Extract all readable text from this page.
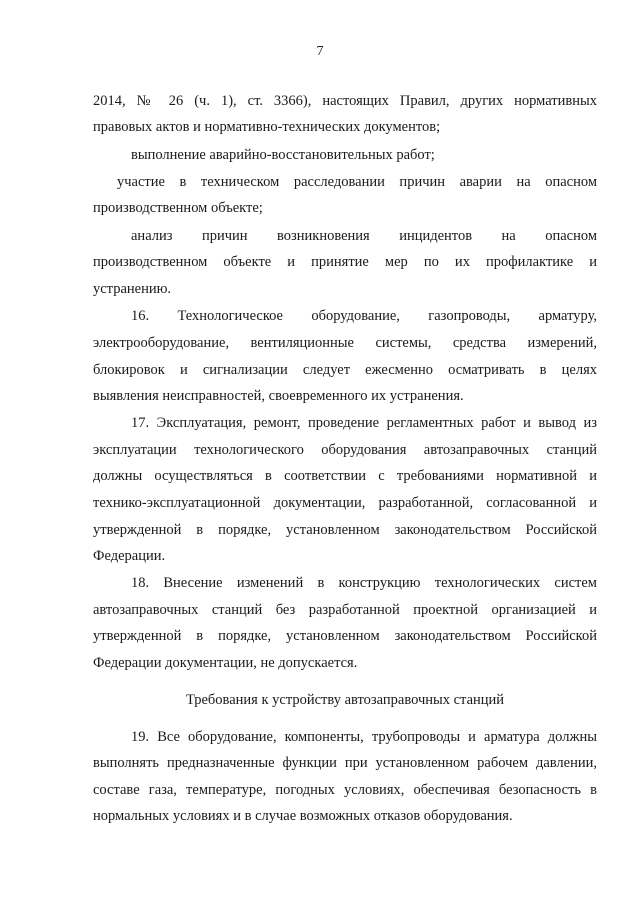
7

2014, № 26 (ч. 1), ст. 3366), настоящих Правил, других нормативных

правовых актов и нормативно-технических документов;

выполнение аварийно-восстановительных работ;

участие в техническом расследовании причин аварии на опасном

производственном объекте;

анализ причин возникновения инцидентов на опасном

производственном объекте и принятие мер по их профилактике и

устранению.

16. Технологическое оборудование, газопроводы, арматуру,

электрооборудование, вентиляционные системы, средства измерений,

блокировок и сигнализации следует ежесменно осматривать в целях

выявления неисправностей, своевременного их устранения.

17. Эксплуатация, ремонт, проведение регламентных работ и вывод из

эксплуатации технологического оборудования автозаправочных станций

должны осуществляться в соответствии с требованиями нормативной и

технико-эксплуатационной документации, разработанной, согласованной и

утвержденной в порядке, установленном законодательством Российской

Федерации.

18. Внесение изменений в конструкцию технологических систем

автозаправочных станций без разработанной проектной организацией и

утвержденной в порядке, установленном законодательством Российской

Федерации документации, не допускается.

Требования к устройству автозаправочных станций

19. Все оборудование, компоненты, трубопроводы и арматура должны

выполнять предназначенные функции при установленном рабочем давлении,

составе газа, температуре, погодных условиях, обеспечивая безопасность в

нормальных условиях и в случае возможных отказов оборудования.
